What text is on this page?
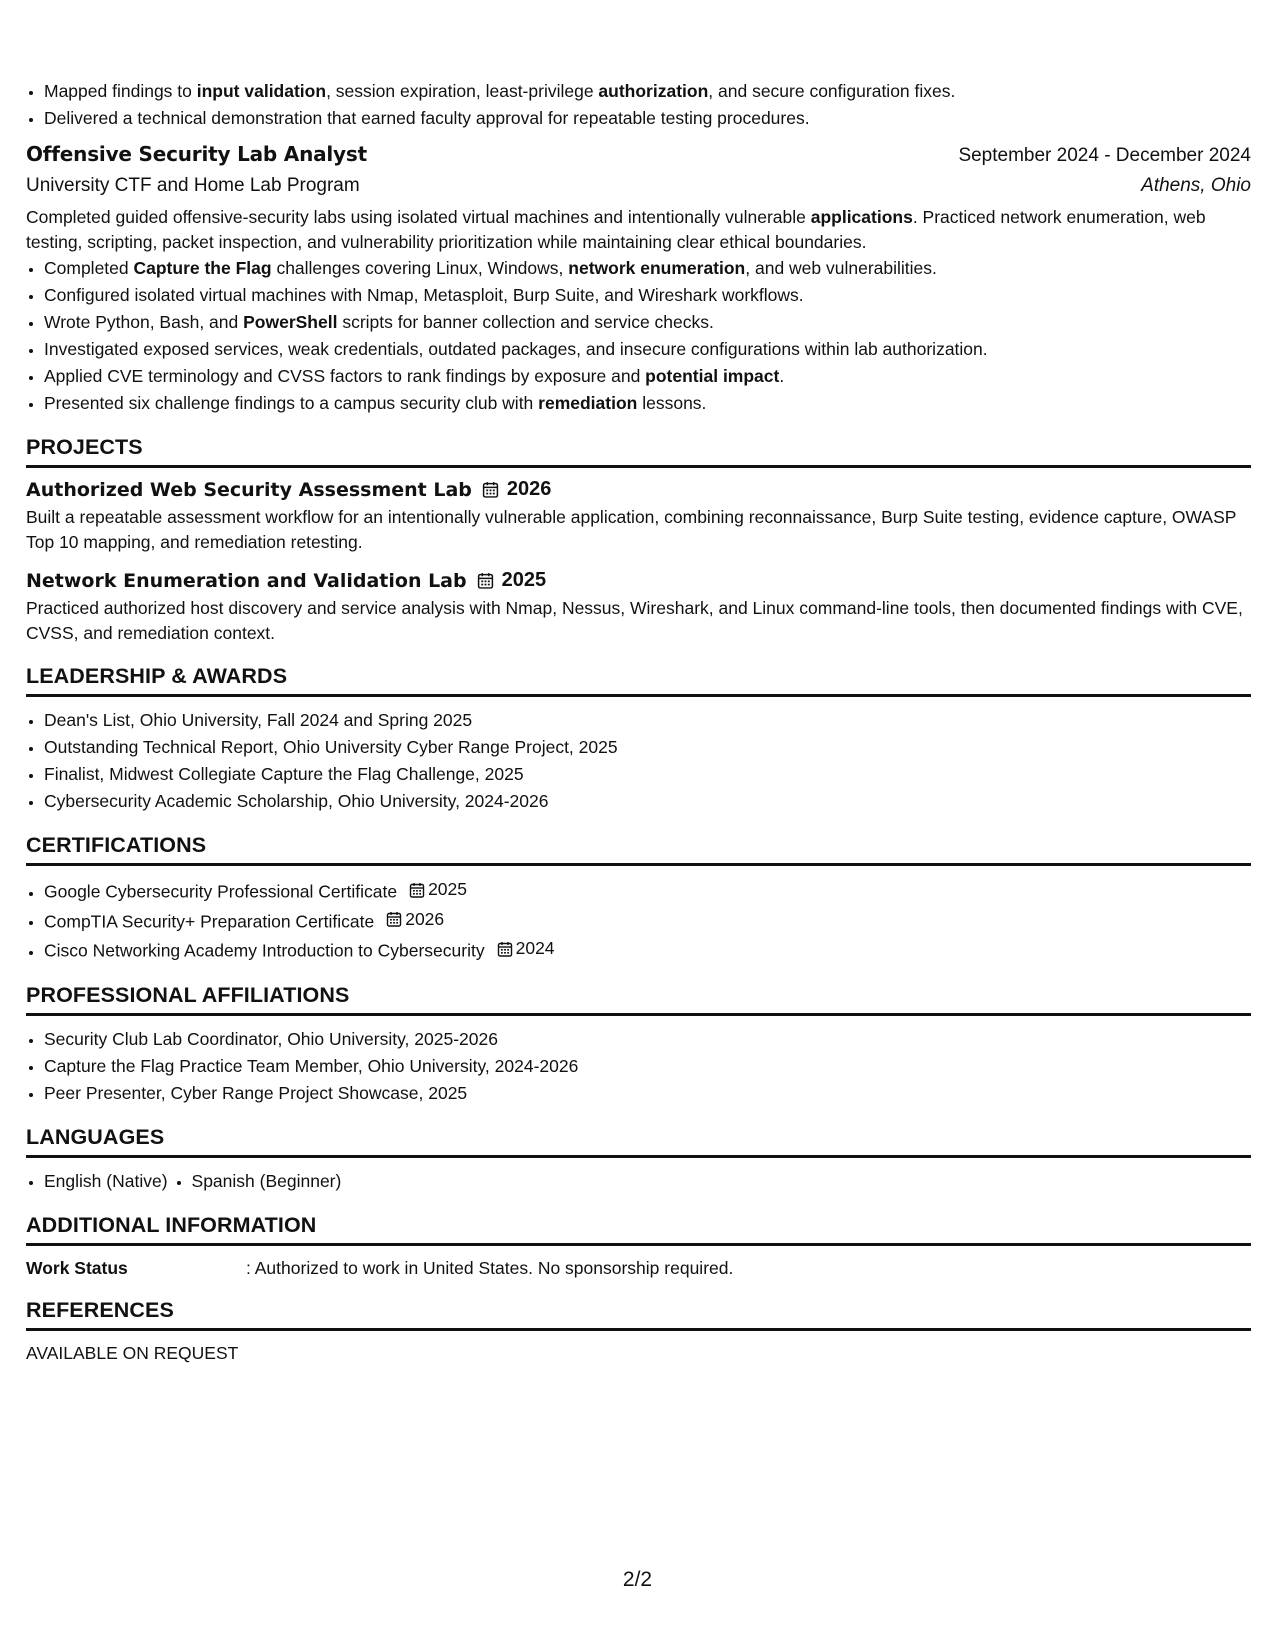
• Mapped findings to input validation, session expiration, least-privilege authorization, and secure configuration fixes.
• Delivered a technical demonstration that earned faculty approval for repeatable testing procedures.
Offensive Security Lab Analyst	September 2024 - December 2024
University CTF and Home Lab Program	Athens, Ohio
Completed guided offensive-security labs using isolated virtual machines and intentionally vulnerable applications. Practiced network enumeration, web testing, scripting, packet inspection, and vulnerability prioritization while maintaining clear ethical boundaries.
• Completed Capture the Flag challenges covering Linux, Windows, network enumeration, and web vulnerabilities.
• Configured isolated virtual machines with Nmap, Metasploit, Burp Suite, and Wireshark workflows.
• Wrote Python, Bash, and PowerShell scripts for banner collection and service checks.
• Investigated exposed services, weak credentials, outdated packages, and insecure configurations within lab authorization.
• Applied CVE terminology and CVSS factors to rank findings by exposure and potential impact.
• Presented six challenge findings to a campus security club with remediation lessons.
PROJECTS
Authorized Web Security Assessment Lab 2026
Built a repeatable assessment workflow for an intentionally vulnerable application, combining reconnaissance, Burp Suite testing, evidence capture, OWASP Top 10 mapping, and remediation retesting.
Network Enumeration and Validation Lab 2025
Practiced authorized host discovery and service analysis with Nmap, Nessus, Wireshark, and Linux command-line tools, then documented findings with CVE, CVSS, and remediation context.
LEADERSHIP & AWARDS
• Dean's List, Ohio University, Fall 2024 and Spring 2025
• Outstanding Technical Report, Ohio University Cyber Range Project, 2025
• Finalist, Midwest Collegiate Capture the Flag Challenge, 2025
• Cybersecurity Academic Scholarship, Ohio University, 2024-2026
CERTIFICATIONS
• Google Cybersecurity Professional Certificate 2025
• CompTIA Security+ Preparation Certificate 2026
• Cisco Networking Academy Introduction to Cybersecurity 2024
PROFESSIONAL AFFILIATIONS
• Security Club Lab Coordinator, Ohio University, 2025-2026
• Capture the Flag Practice Team Member, Ohio University, 2024-2026
• Peer Presenter, Cyber Range Project Showcase, 2025
LANGUAGES
• English (Native)
• Spanish (Beginner)
ADDITIONAL INFORMATION
Work Status	: Authorized to work in United States. No sponsorship required.
REFERENCES
AVAILABLE ON REQUEST
2/2
